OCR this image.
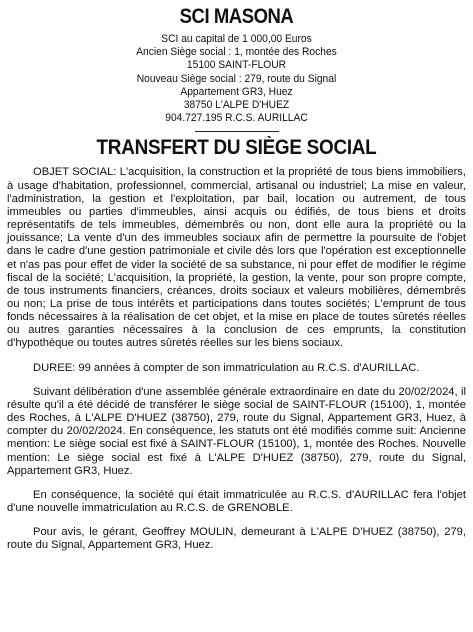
SCI MASONA
SCI au capital de 1 000,00 Euros
Ancien Siège social : 1, montée des Roches
15100 SAINT-FLOUR
Nouveau Siège social : 279, route du Signal
Appartement GR3, Huez
38750 L'ALPE D'HUEZ
904.727.195 R.C.S. AURILLAC
TRANSFERT DU SIÈGE SOCIAL

OBJET SOCIAL: L'acquisition, la construction et la propriété de tous biens immobiliers, à usage d'habitation, professionnel, commercial, artisanal ou industriel; La mise en valeur, l'administration, la gestion et l'exploitation, par bail, location ou autrement, de tous immeubles ou parties d'immeubles, ainsi acquis ou édifiés, de tous biens et droits représentatifs de tels immeubles, démembrés ou non, dont elle aura la propriété ou la jouissance; La vente d'un des immeubles sociaux afin de permettre la poursuite de l'objet dans le cadre d'une gestion patrimoniale et civile dès lors que l'opération est exceptionnelle et n'as pas pour effet de vider la société de sa substance, ni pour effet de modifier le régime fiscal de la société; L'acquisition, la propriété, la gestion, la vente, pour son propre compte, de tous instruments financiers, créances, droits sociaux et valeurs mobilières, démembrés ou non; La prise de tous intérêts et participations dans toutes sociétés; L'emprunt de tous fonds nécessaires à la réalisation de cet objet, et la mise en place de toutes sûretés réelles ou autres garanties nécessaires à la conclusion de ces emprunts, la constitution d'hypothèque ou toutes autres sûretés réelles sur les biens sociaux.

DUREE: 99 années à compter de son immatriculation au R.C.S. d'AURILLAC.

Suivant délibération d'une assemblée générale extraordinaire en date du 20/02/2024, il résulte qu'il a été décidé de transférer le siège social de SAINT-FLOUR (15100), 1, montée des Roches, à L'ALPE D'HUEZ (38750), 279, route du Signal, Appartement GR3, Huez, à compter du 20/02/2024. En conséquence, les statuts ont été modifiés comme suit: Ancienne mention: Le siège social est fixé à SAINT-FLOUR (15100), 1, montée des Roches. Nouvelle mention: Le siège social est fixé à L'ALPE D'HUEZ (38750), 279, route du Signal, Appartement GR3, Huez.

En conséquence, la société qui était immatriculée au R.C.S. d'AURILLAC fera l'objet d'une nouvelle immatriculation au R.C.S. de GRENOBLE.

Pour avis, le gérant, Geoffrey MOULIN, demeurant à L'ALPE D'HUEZ (38750), 279, route du Signal, Appartement GR3, Huez.
